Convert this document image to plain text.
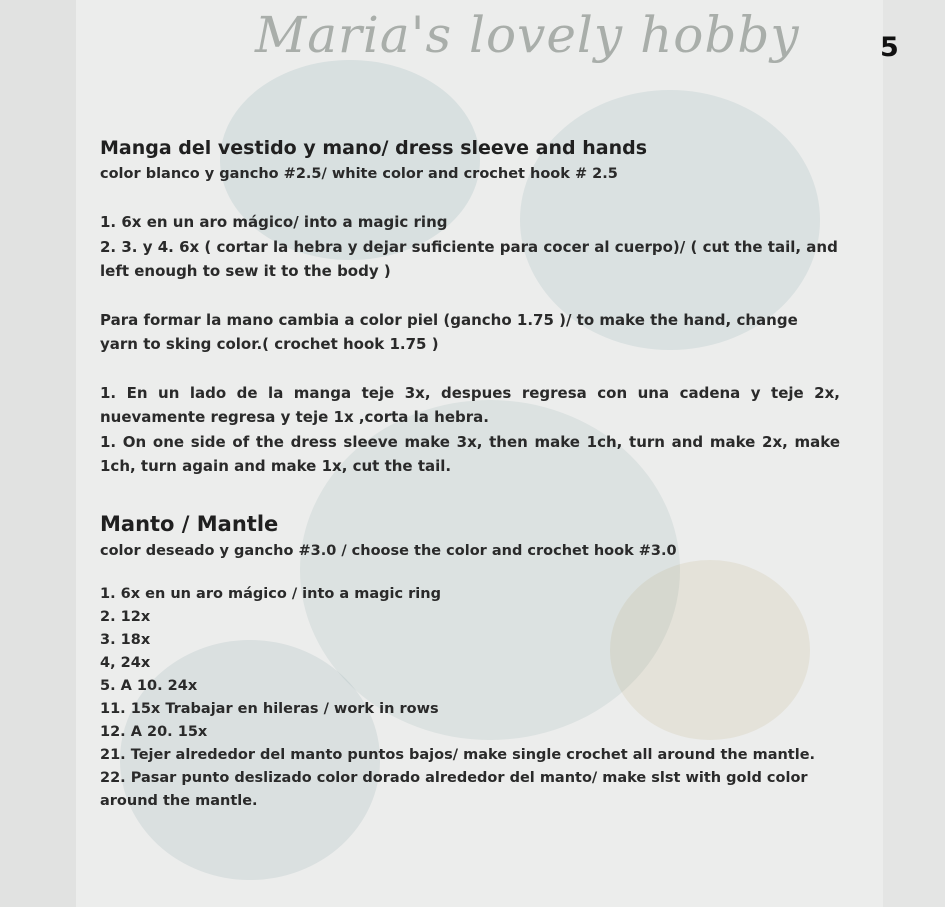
Maria's lovely hobby	5

Manga del vestido y mano/ dress sleeve and hands

color blanco y gancho #2.5/ white color and crochet hook # 2.5

1. 6x en un aro mágico/ into a magic ring

2. 3. y 4. 6x ( cortar la hebra y dejar suficiente para cocer al cuerpo)/ ( cut the tail, and left enough to sew it to the body )

Para formar la mano cambia a color piel (gancho 1.75 )/ to make the hand, change yarn to sking color.( crochet hook 1.75 )

1. En un lado de la manga teje 3x, despues regresa con una cadena y teje 2x, nuevamente regresa y teje 1x ,corta la hebra.

1. On one side of the dress sleeve make 3x, then make 1ch, turn and make 2x, make 1ch, turn again and make 1x, cut the tail.

Manto / Mantle

color deseado y gancho #3.0 / choose the color and crochet hook #3.0

1. 6x en un aro mágico / into a magic ring

2. 12x

3. 18x

4, 24x

5. A 10. 24x

11. 15x Trabajar en hileras / work in rows

12. A 20. 15x

21. Tejer alrededor del manto puntos bajos/ make single crochet all around the mantle.

22. Pasar punto deslizado color dorado alrededor del manto/ make slst with gold color around the mantle.
